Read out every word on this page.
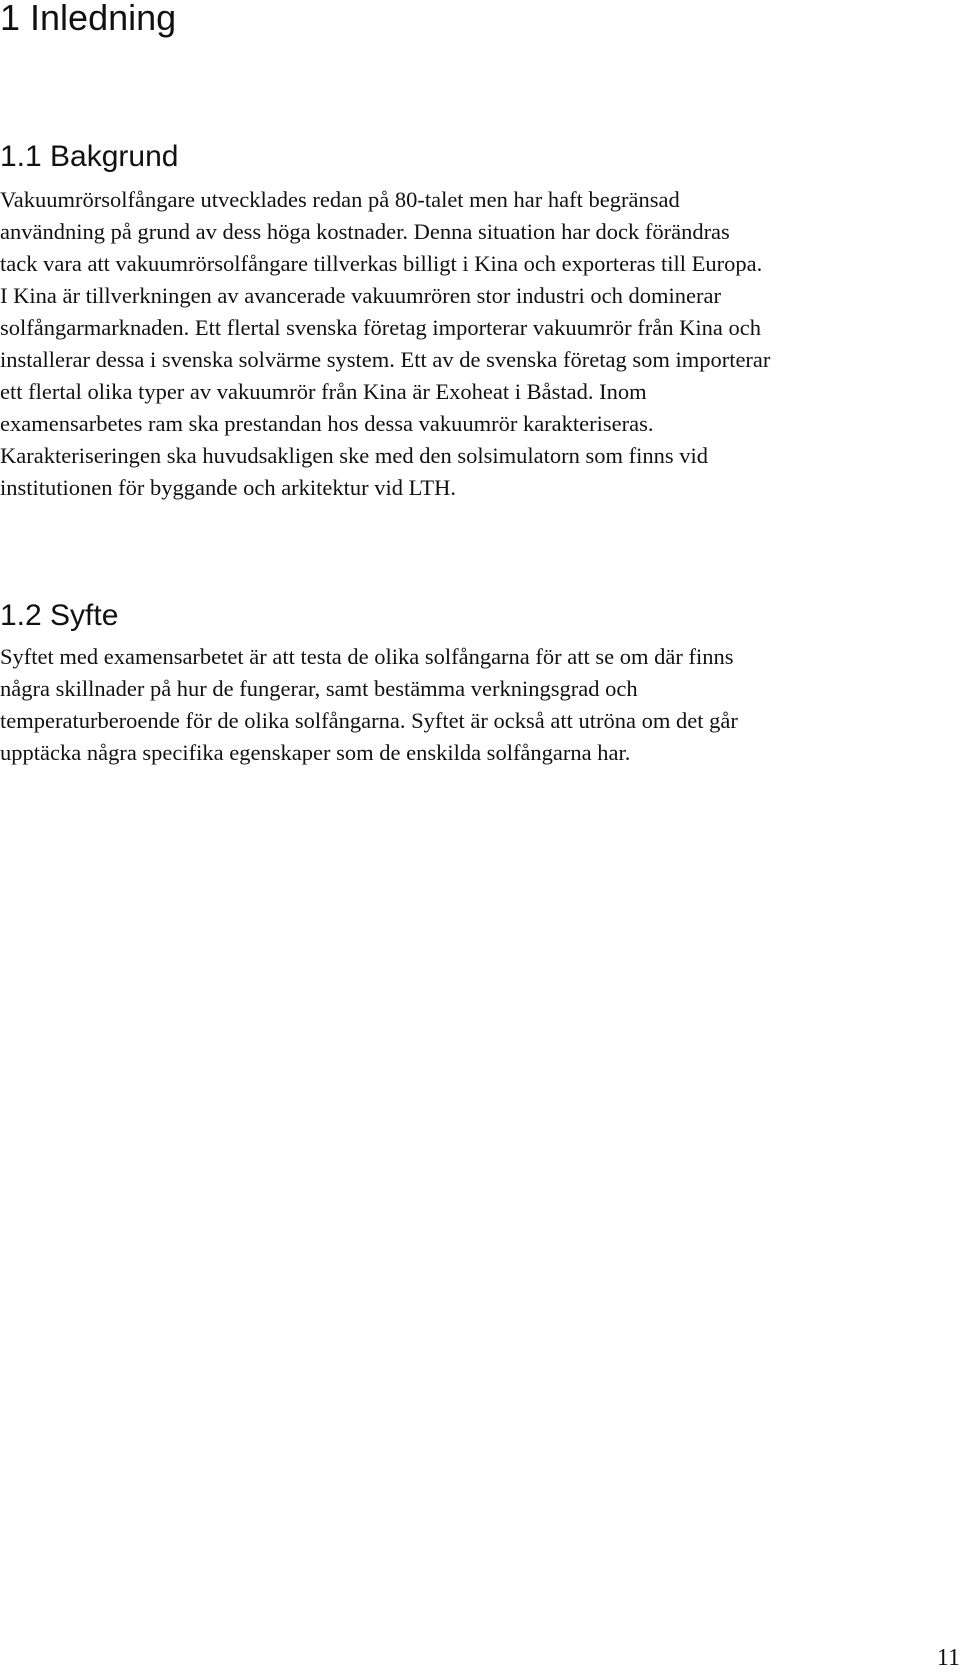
1 Inledning
1.1 Bakgrund

Vakuumrörsolfångare utvecklades redan på 80-talet men har haft begränsad
användning på grund av dess höga kostnader. Denna situation har dock förändras
tack vara att vakuumrörsolfångare tillverkas billigt i Kina och exporteras till Europa.
I Kina är tillverkningen av avancerade vakuumrören stor industri och dominerar
solfångarmarknaden. Ett flertal svenska företag importerar vakuumrör från Kina och
installerar dessa i svenska solvärme system. Ett av de svenska företag som importerar
ett flertal olika typer av vakuumrör från Kina är Exoheat i Båstad. Inom
examensarbetes ram ska prestandan hos dessa vakuumrör karakteriseras.
Karakteriseringen ska huvudsakligen ske med den solsimulatorn som finns vid
institutionen för byggande och arkitektur vid LTH.

1.2 Syfte

Syftet med examensarbetet är att testa de olika solfångarna för att se om där finns
några skillnader på hur de fungerar, samt bestämma verkningsgrad och
temperaturberoende för de olika solfångarna. Syftet är också att utröna om det går
upptäcka några specifika egenskaper som de enskilda solfångarna har.

11
